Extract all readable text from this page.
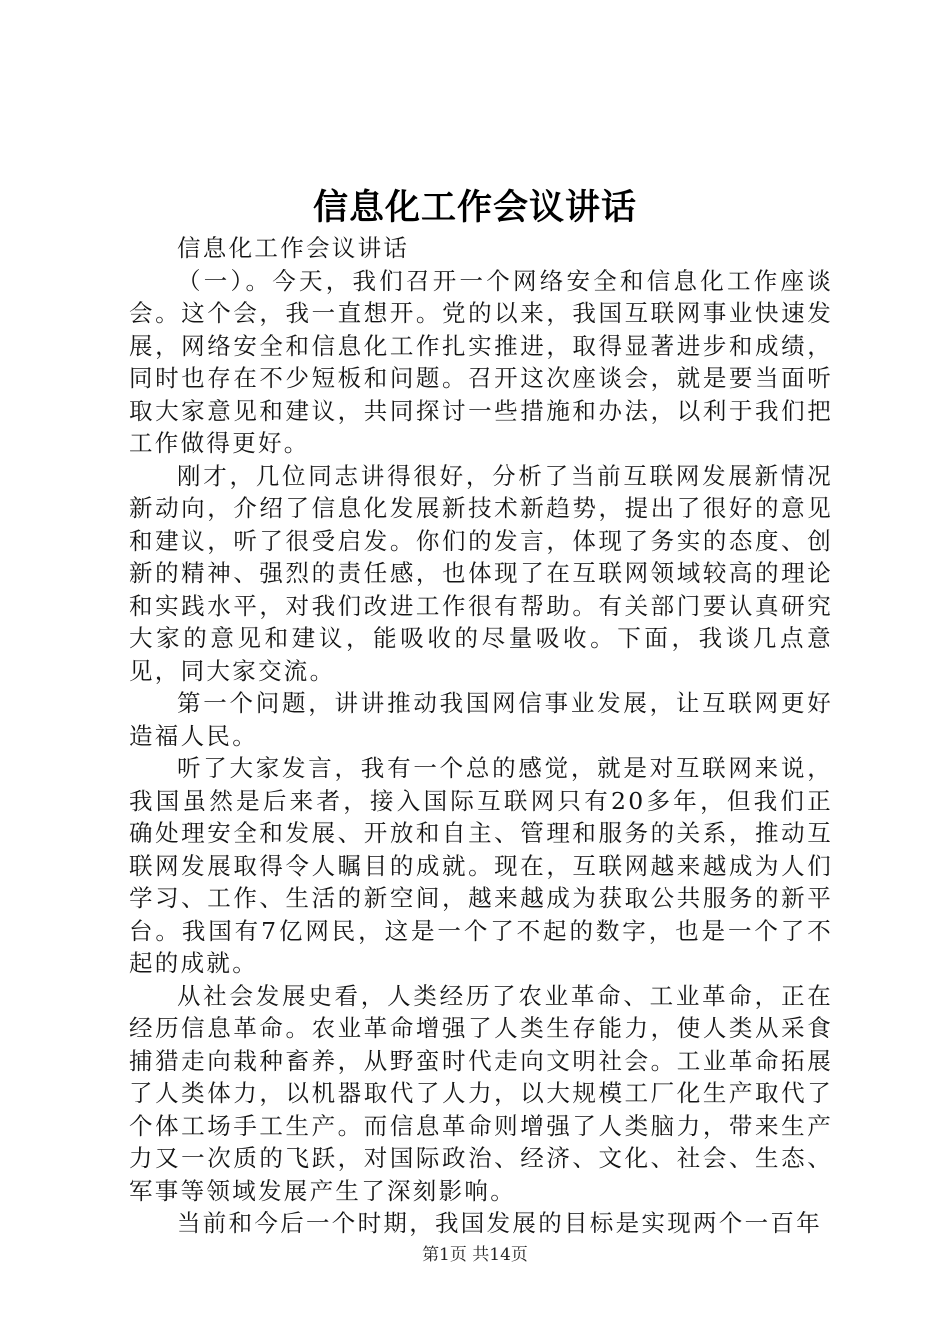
信息化工作会议讲话

信息化工作会议讲话

（一）。今天，我们召开一个网络安全和信息化工作座谈会。这个会，我一直想开。党的以来，我国互联网事业快速发展，网络安全和信息化工作扎实推进，取得显著进步和成绩，同时也存在不少短板和问题。召开这次座谈会，就是要当面听取大家意见和建议，共同探讨一些措施和办法，以利于我们把工作做得更好。

刚才，几位同志讲得很好，分析了当前互联网发展新情况新动向，介绍了信息化发展新技术新趋势，提出了很好的意见和建议，听了很受启发。你们的发言，体现了务实的态度、创新的精神、强烈的责任感，也体现了在互联网领域较高的理论和实践水平，对我们改进工作很有帮助。有关部门要认真研究大家的意见和建议，能吸收的尽量吸收。下面，我谈几点意见，同大家交流。

第一个问题，讲讲推动我国网信事业发展，让互联网更好造福人民。

听了大家发言，我有一个总的感觉，就是对互联网来说，我国虽然是后来者，接入国际互联网只有20多年，但我们正确处理安全和发展、开放和自主、管理和服务的关系，推动互联网发展取得令人瞩目的成就。现在，互联网越来越成为人们学习、工作、生活的新空间，越来越成为获取公共服务的新平台。我国有7亿网民，这是一个了不起的数字，也是一个了不起的成就。

从社会发展史看，人类经历了农业革命、工业革命，正在经历信息革命。农业革命增强了人类生存能力，使人类从采食捕猎走向栽种畜养，从野蛮时代走向文明社会。工业革命拓展了人类体力，以机器取代了人力，以大规模工厂化生产取代了个体工场手工生产。而信息革命则增强了人类脑力，带来生产力又一次质的飞跃，对国际政治、经济、文化、社会、生态、军事等领域发展产生了深刻影响。

当前和今后一个时期，我国发展的目标是实现两个一百年

第1页 共14页
